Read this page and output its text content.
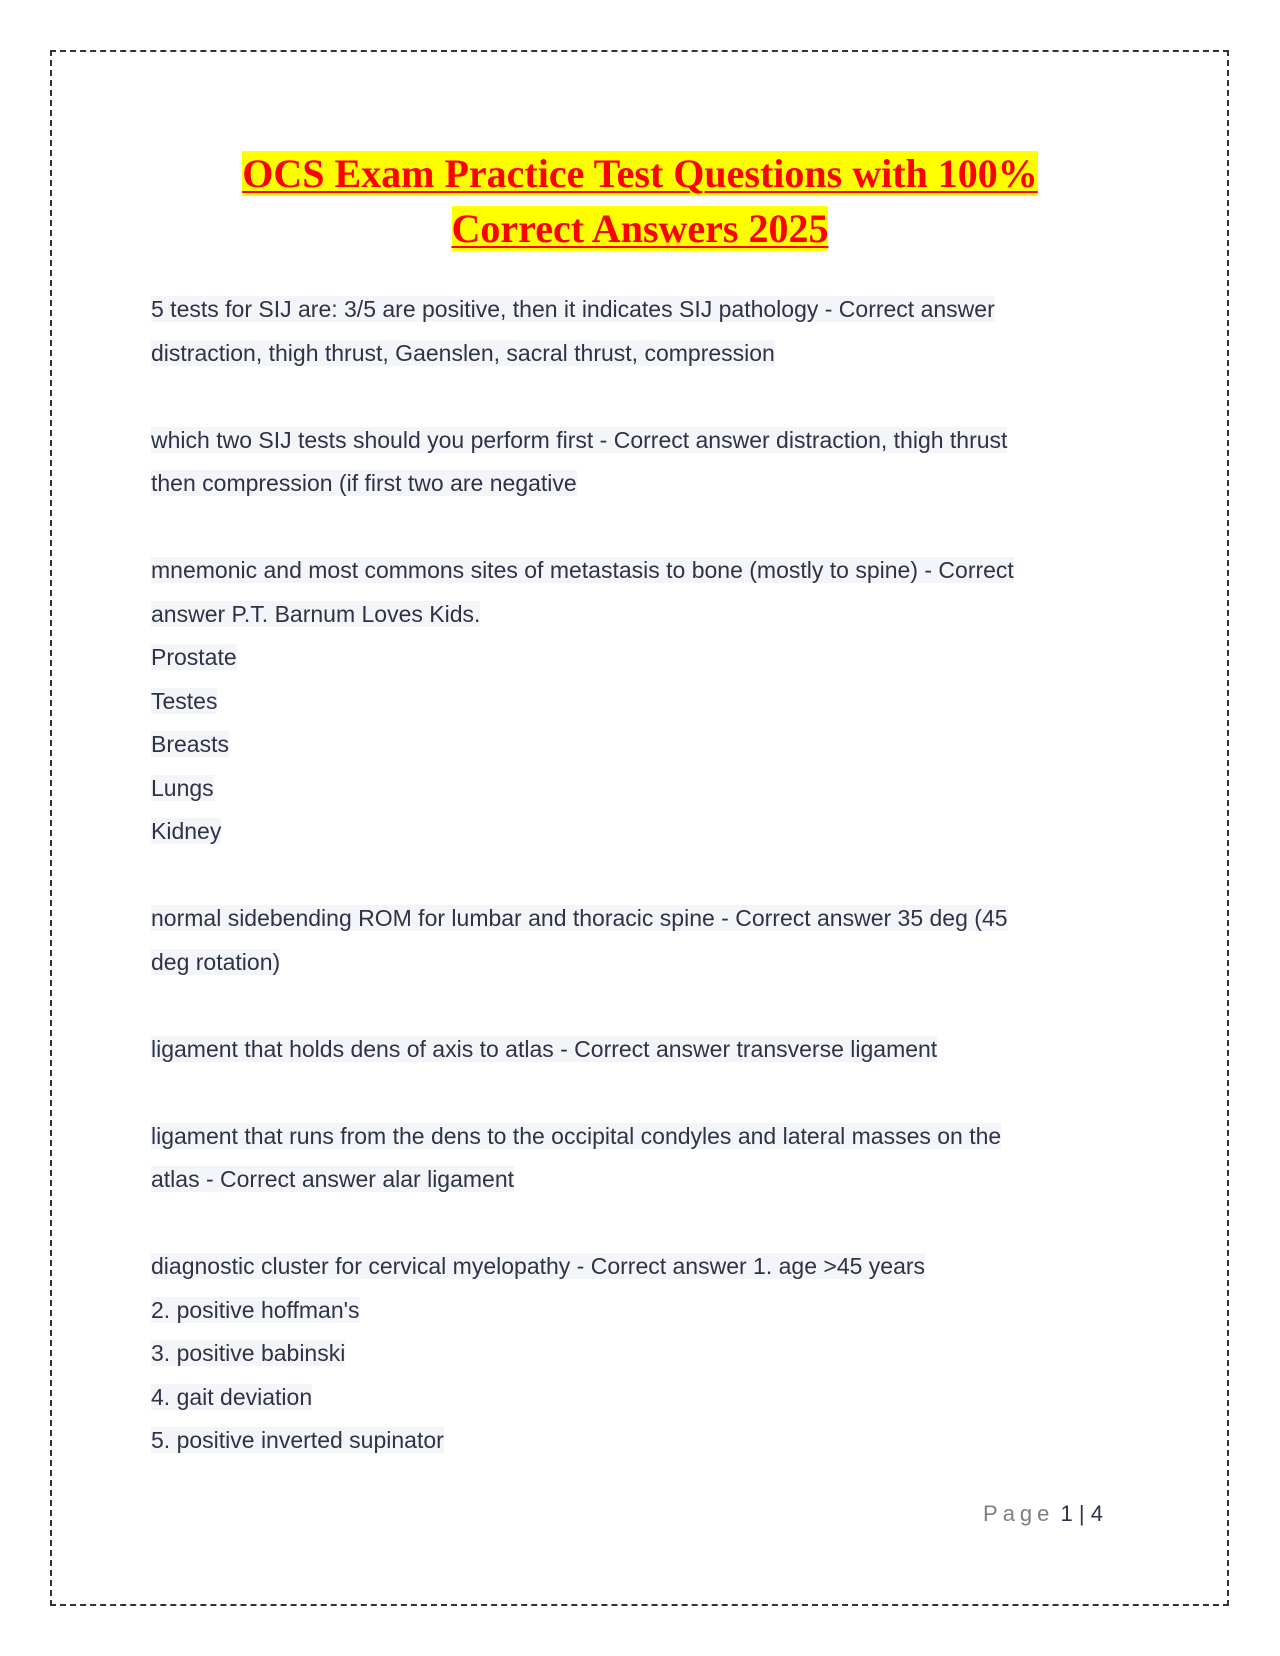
OCS Exam Practice Test Questions with 100%
Correct Answers 2025
5 tests for SIJ are: 3/5 are positive, then it indicates SIJ pathology - Correct answer
distraction, thigh thrust, Gaenslen, sacral thrust, compression
which two SIJ tests should you perform first - Correct answer distraction, thigh thrust
then compression (if first two are negative
mnemonic and most commons sites of metastasis to bone (mostly to spine) - Correct
answer P.T. Barnum Loves Kids.
Prostate
Testes
Breasts
Lungs
Kidney
normal sidebending ROM for lumbar and thoracic spine - Correct answer 35 deg (45
deg rotation)
ligament that holds dens of axis to atlas - Correct answer transverse ligament
ligament that runs from the dens to the occipital condyles and lateral masses on the
atlas - Correct answer alar ligament
diagnostic cluster for cervical myelopathy - Correct answer 1. age >45 years
2. positive hoffman's
3. positive babinski
4. gait deviation
5. positive inverted supinator
Page 1 | 4
